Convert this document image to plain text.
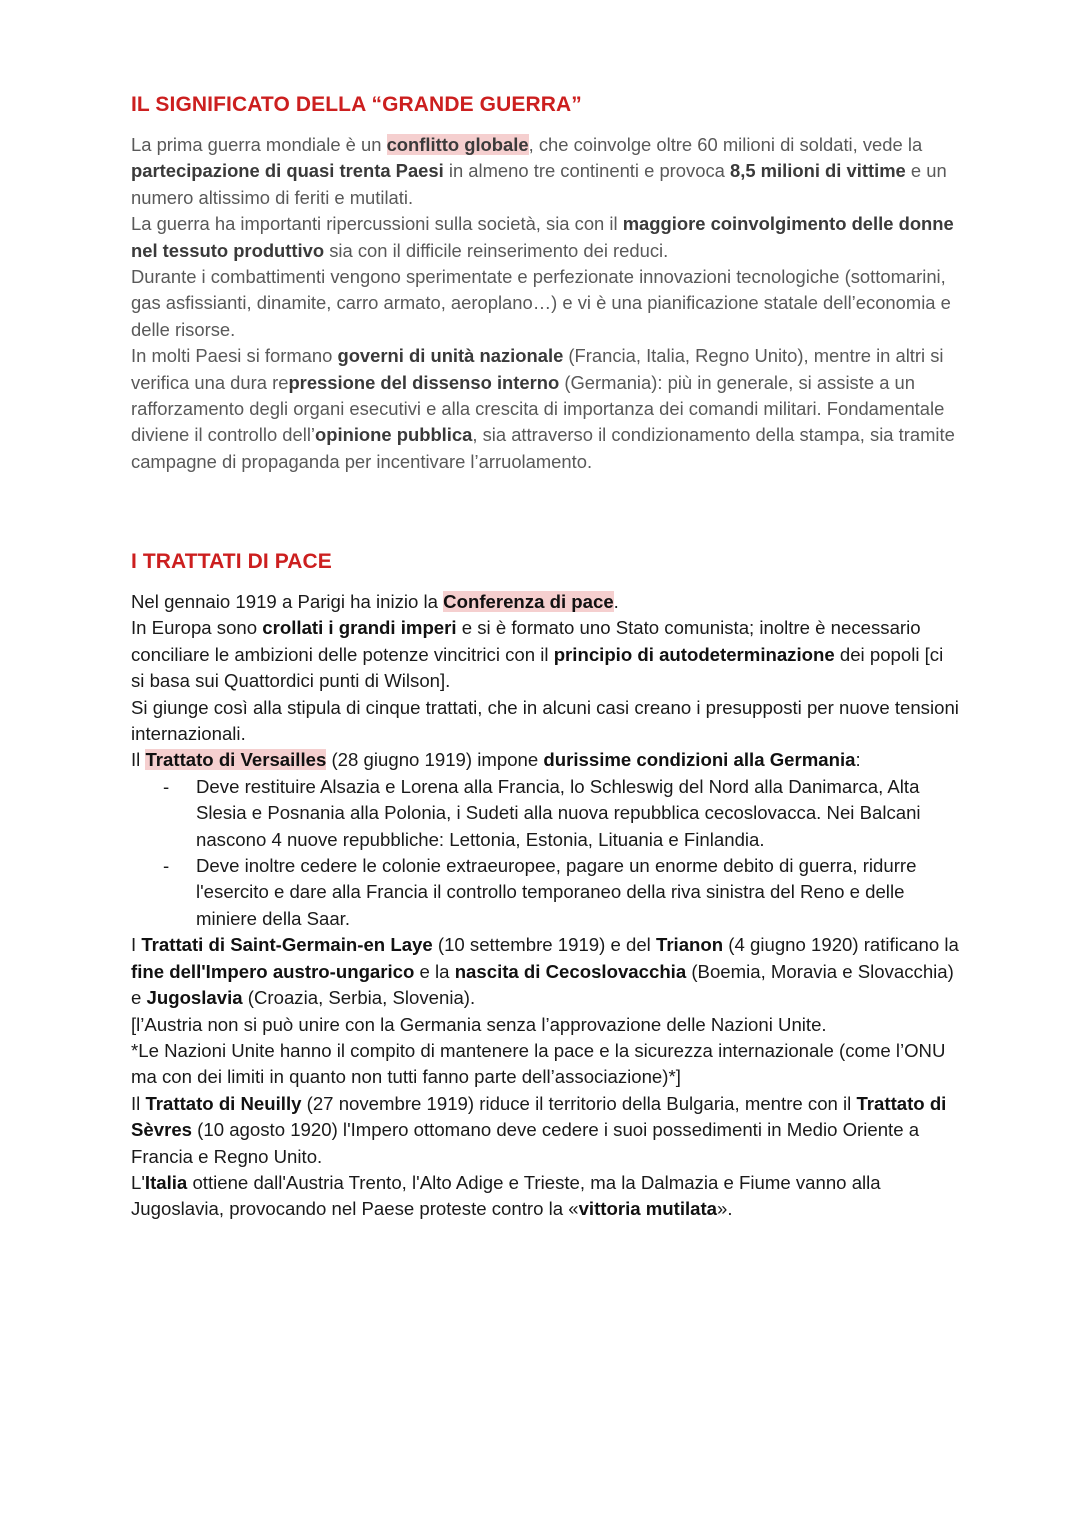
IL SIGNIFICATO DELLA “GRANDE GUERRA”

La prima guerra mondiale è un conflitto globale, che coinvolge oltre 60 milioni di soldati, vede la partecipazione di quasi trenta Paesi in almeno tre continenti e provoca 8,5 milioni di vittime e un numero altissimo di feriti e mutilati.

La guerra ha importanti ripercussioni sulla società, sia con il maggiore coinvolgimento delle donne nel tessuto produttivo sia con il difficile reinserimento dei reduci.

Durante i combattimenti vengono sperimentate e perfezionate innovazioni tecnologiche (sottomarini, gas asfissianti, dinamite, carro armato, aeroplano…) e vi è una pianificazione statale dell’economia e delle risorse.

In molti Paesi si formano governi di unità nazionale (Francia, Italia, Regno Unito), mentre in altri si verifica una dura repressione del dissenso interno (Germania): più in generale, si assiste a un rafforzamento degli organi esecutivi e alla crescita di importanza dei comandi militari. Fondamentale diviene il controllo dell’opinione pubblica, sia attraverso il condizionamento della stampa, sia tramite campagne di propaganda per incentivare l’arruolamento.

I TRATTATI DI PACE

Nel gennaio 1919 a Parigi ha inizio la Conferenza di pace.

In Europa sono crollati i grandi imperi e si è formato uno Stato comunista; inoltre è necessario conciliare le ambizioni delle potenze vincitrici con il principio di autodeterminazione dei popoli [ci si basa sui Quattordici punti di Wilson].

Si giunge così alla stipula di cinque trattati, che in alcuni casi creano i presupposti per nuove tensioni internazionali.

Il Trattato di Versailles (28 giugno 1919) impone durissime condizioni alla Germania:

- Deve restituire Alsazia e Lorena alla Francia, lo Schleswig del Nord alla Danimarca, Alta Slesia e Posnania alla Polonia, i Sudeti alla nuova repubblica cecoslovacca. Nei Balcani nascono 4 nuove repubbliche: Lettonia, Estonia, Lituania e Finlandia.
- Deve inoltre cedere le colonie extraeuropee, pagare un enorme debito di guerra, ridurre l'esercito e dare alla Francia il controllo temporaneo della riva sinistra del Reno e delle miniere della Saar.

I Trattati di Saint-Germain-en Laye (10 settembre 1919) e del Trianon (4 giugno 1920) ratificano la fine dell'Impero austro-ungarico e la nascita di Cecoslovacchia (Boemia, Moravia e Slovacchia) e Jugoslavia (Croazia, Serbia, Slovenia).

[l’Austria non si può unire con la Germania senza l’approvazione delle Nazioni Unite.

*Le Nazioni Unite hanno il compito di mantenere la pace e la sicurezza internazionale (come l’ONU ma con dei limiti in quanto non tutti fanno parte dell’associazione)*]

Il Trattato di Neuilly (27 novembre 1919) riduce il territorio della Bulgaria, mentre con il Trattato di Sèvres (10 agosto 1920) l'Impero ottomano deve cedere i suoi possedimenti in Medio Oriente a Francia e Regno Unito.

L'Italia ottiene dall'Austria Trento, l'Alto Adige e Trieste, ma la Dalmazia e Fiume vanno alla Jugoslavia, provocando nel Paese proteste contro la «vittoria mutilata».
